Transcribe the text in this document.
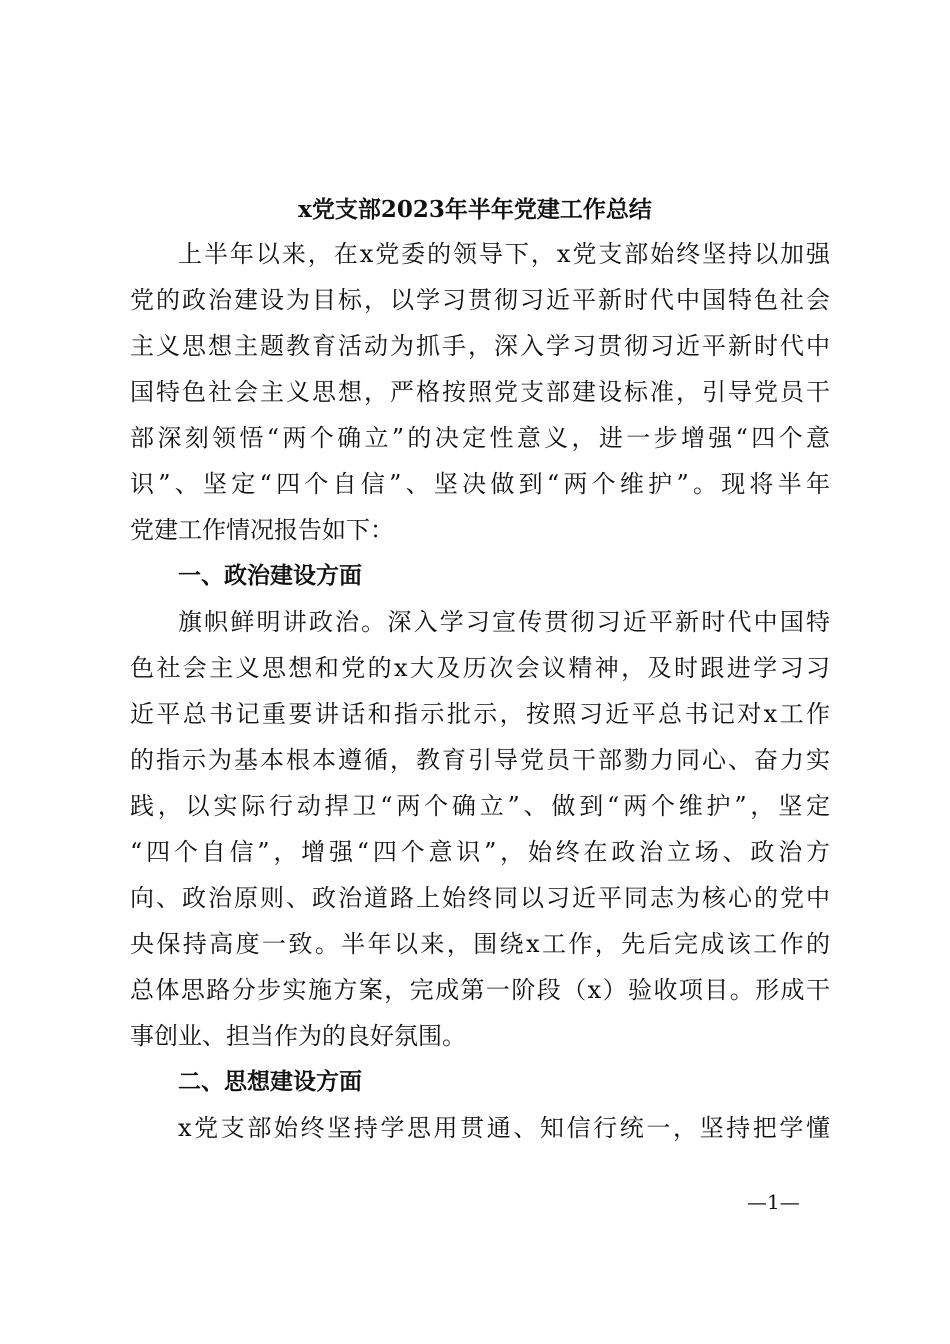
x党支部2023年半年党建工作总结
上半年以来，在x党委的领导下，x党支部始终坚持以加强
党的政治建设为目标，以学习贯彻习近平新时代中国特色社会
主义思想主题教育活动为抓手，深入学习贯彻习近平新时代中
国特色社会主义思想，严格按照党支部建设标准，引导党员干
部深刻领悟“两个确立”的决定性意义，进一步增强“四个意
识”、坚定“四个自信”、坚决做到“两个维护”。现将半年
党建工作情况报告如下：
一、政治建设方面
旗帜鲜明讲政治。深入学习宣传贯彻习近平新时代中国特
色社会主义思想和党的x大及历次会议精神，及时跟进学习习
近平总书记重要讲话和指示批示，按照习近平总书记对x工作
的指示为基本根本遵循，教育引导党员干部勠力同心、奋力实
践，以实际行动捍卫“两个确立”、做到“两个维护”，坚定
“四个自信”，增强“四个意识”，始终在政治立场、政治方
向、政治原则、政治道路上始终同以习近平同志为核心的党中
央保持高度一致。半年以来，围绕x工作，先后完成该工作的
总体思路分步实施方案，完成第一阶段（x）验收项目。形成干
事创业、担当作为的良好氛围。
二、思想建设方面
x党支部始终坚持学思用贯通、知信行统一，坚持把学懂
—1—
